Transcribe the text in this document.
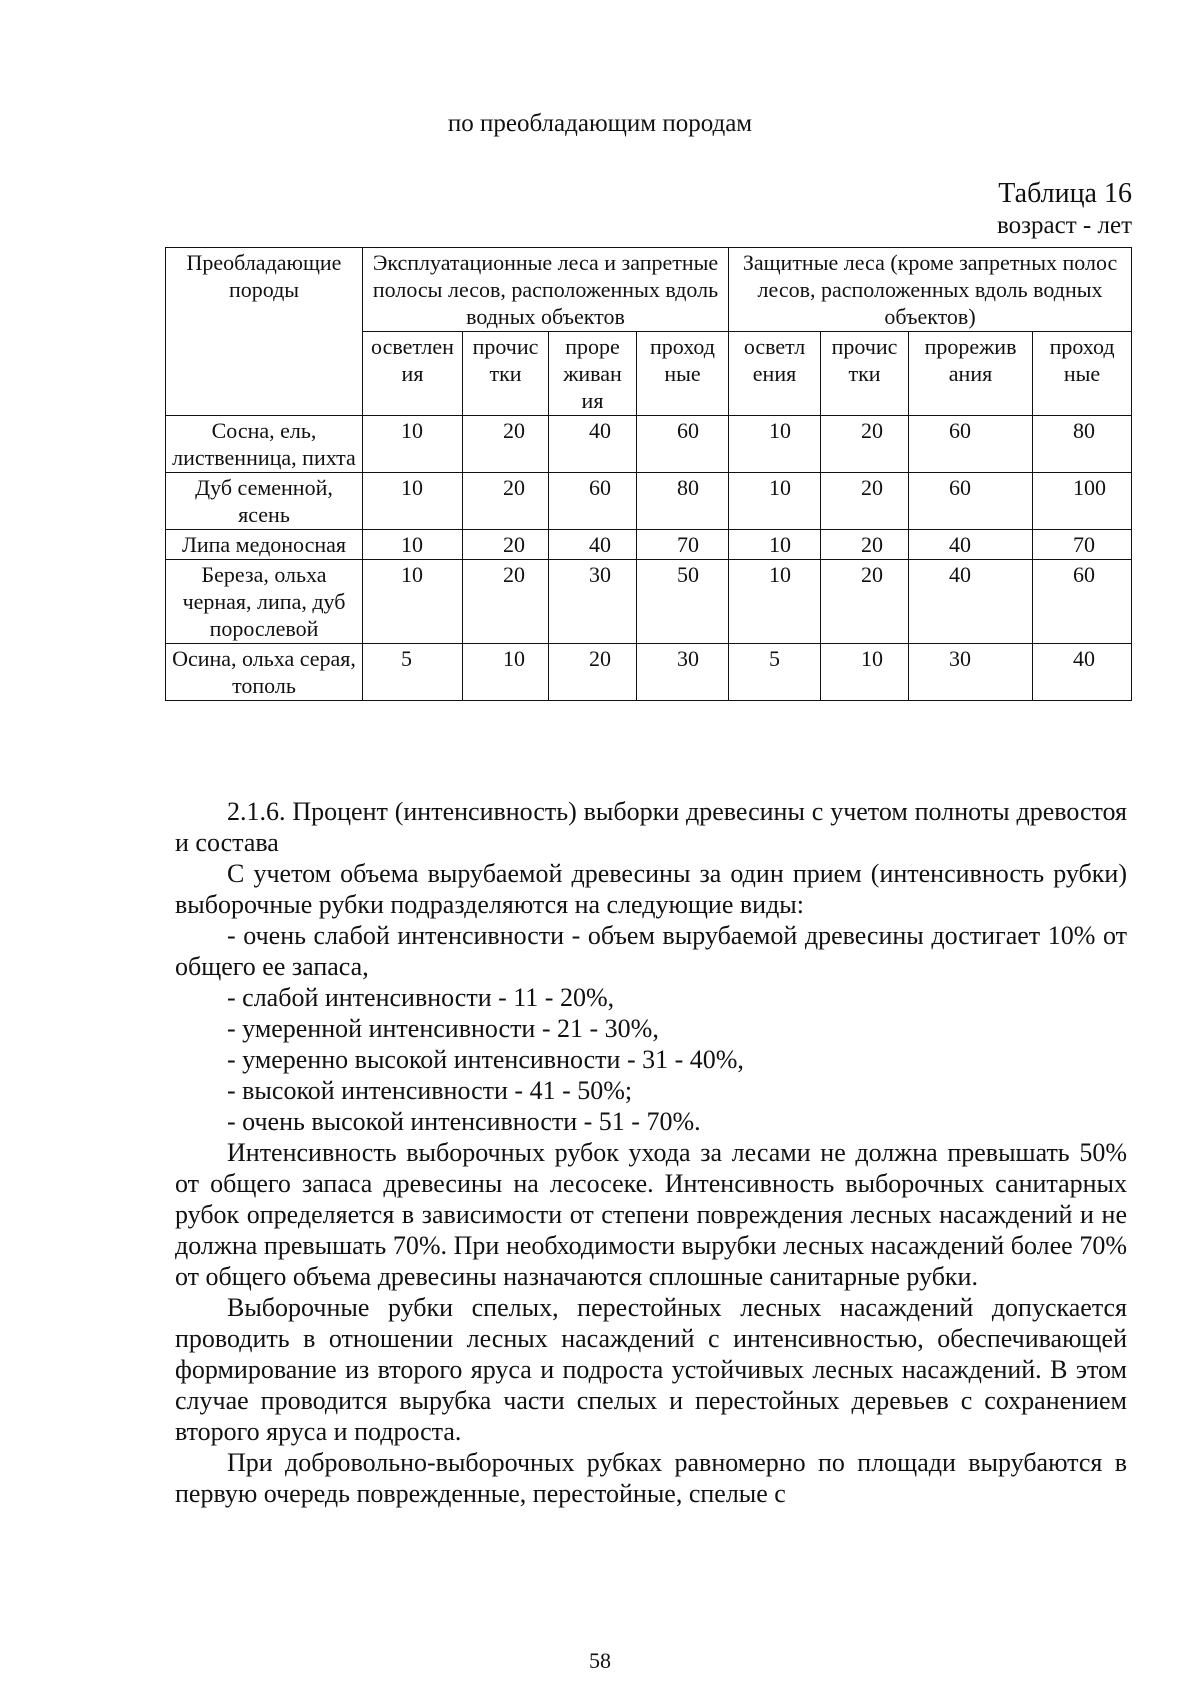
по преобладающим породам
Таблица 16
возраст - лет
Преобладающие породы	Эксплуатационные леса и запретные полосы лесов, расположенных вдоль водных объектов				Защитные леса (кроме запретных полос лесов, расположенных вдоль водных объектов)			
	осветлен ия	прочис тки	проре живан ия	проход ные	осветл ения	прочис тки	прорежив ания	проход ные
Сосна, ель, лиственница, пихта	10	20	40	60	10	20	60	80
Дуб семенной, ясень	10	20	60	80	10	20	60	100
Липа медоносная	10	20	40	70	10	20	40	70
Береза, ольха черная, липа, дуб порослевой	10	20	30	50	10	20	40	60
Осина, ольха серая, тополь	5	10	20	30	5	10	30	40

2.1.6. Процент (интенсивность) выборки древесины с учетом полноты древостоя и состава

С учетом объема вырубаемой древесины за один прием (интенсивность рубки) выборочные рубки подразделяются на следующие виды:

- очень слабой интенсивности - объем вырубаемой древесины достигает 10% от общего ее запаса,

- слабой интенсивности - 11 - 20%,

- умеренной интенсивности - 21 - 30%,

- умеренно высокой интенсивности - 31 - 40%,

- высокой интенсивности - 41 - 50%;

- очень высокой интенсивности - 51 - 70%.

Интенсивность выборочных рубок ухода за лесами не должна превышать 50% от общего запаса древесины на лесосеке. Интенсивность выборочных санитарных рубок определяется в зависимости от степени повреждения лесных насаждений и не должна превышать 70%. При необходимости вырубки лесных насаждений более 70% от общего объема древесины назначаются сплошные санитарные рубки.

Выборочные рубки спелых, перестойных лесных насаждений допускается проводить в отношении лесных насаждений с интенсивностью, обеспечивающей формирование из второго яруса и подроста устойчивых лесных насаждений. В этом случае проводится вырубка части спелых и перестойных деревьев с сохранением второго яруса и подроста.

При добровольно-выборочных рубках равномерно по площади вырубаются в первую очередь поврежденные, перестойные, спелые с

58
